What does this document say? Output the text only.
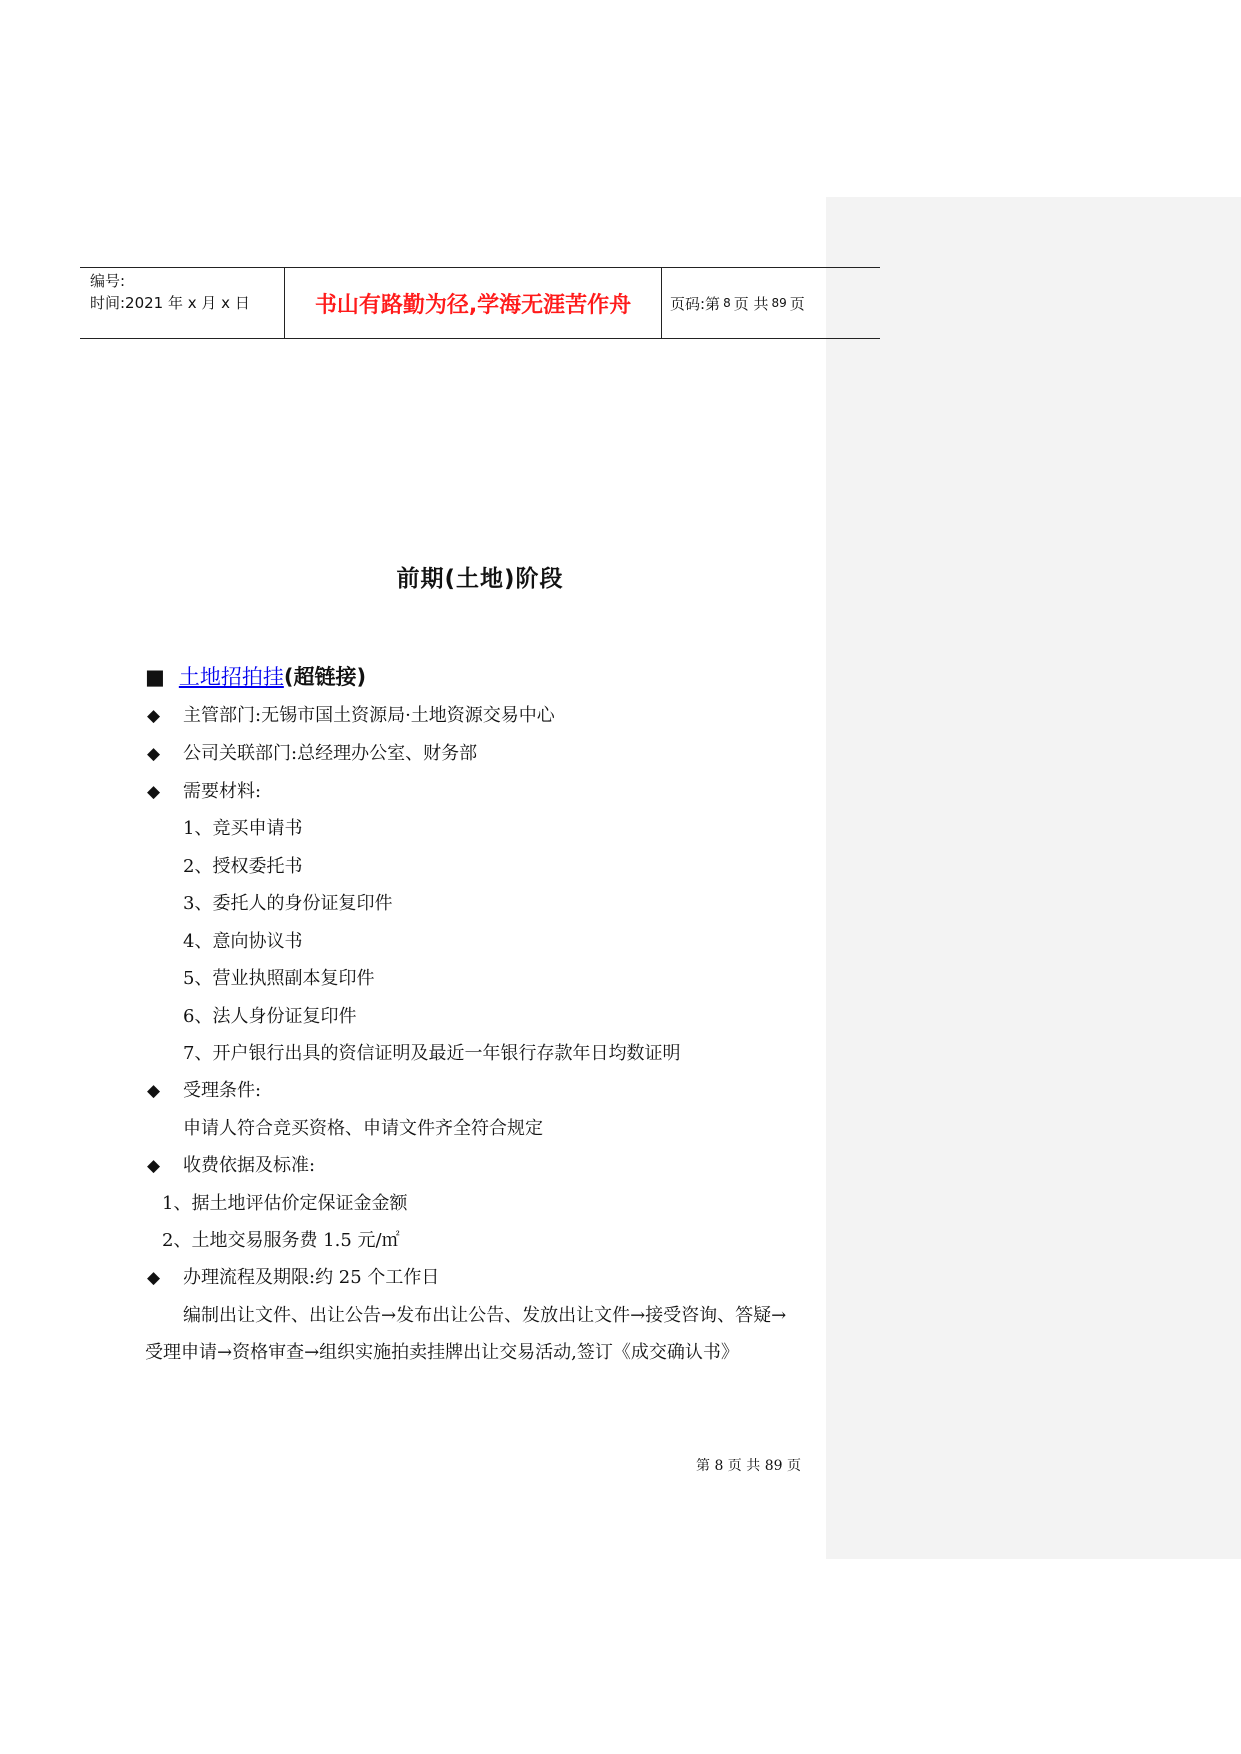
编号:
时间:2021 年 x 月 x 日	书山有路勤为径,学海无涯苦作舟	页码:第 8 页 共 89 页
前期(土地)阶段
■ 土地招拍挂(超链接)
◆ 主管部门:无锡市国土资源局·土地资源交易中心
◆ 公司关联部门:总经理办公室、财务部
◆ 需要材料:
1、竞买申请书
2、授权委托书
3、委托人的身份证复印件
4、意向协议书
5、营业执照副本复印件
6、法人身份证复印件
7、开户银行出具的资信证明及最近一年银行存款年日均数证明
◆ 受理条件:
申请人符合竞买资格、申请文件齐全符合规定
◆ 收费依据及标准:
1、据土地评估价定保证金金额
2、土地交易服务费 1.5 元/㎡
◆ 办理流程及期限:约 25 个工作日
编制出让文件、出让公告→发布出让公告、发放出让文件→接受咨询、答疑→
受理申请→资格审查→组织实施拍卖挂牌出让交易活动,签订《成交确认书》
第 8 页 共 89 页
